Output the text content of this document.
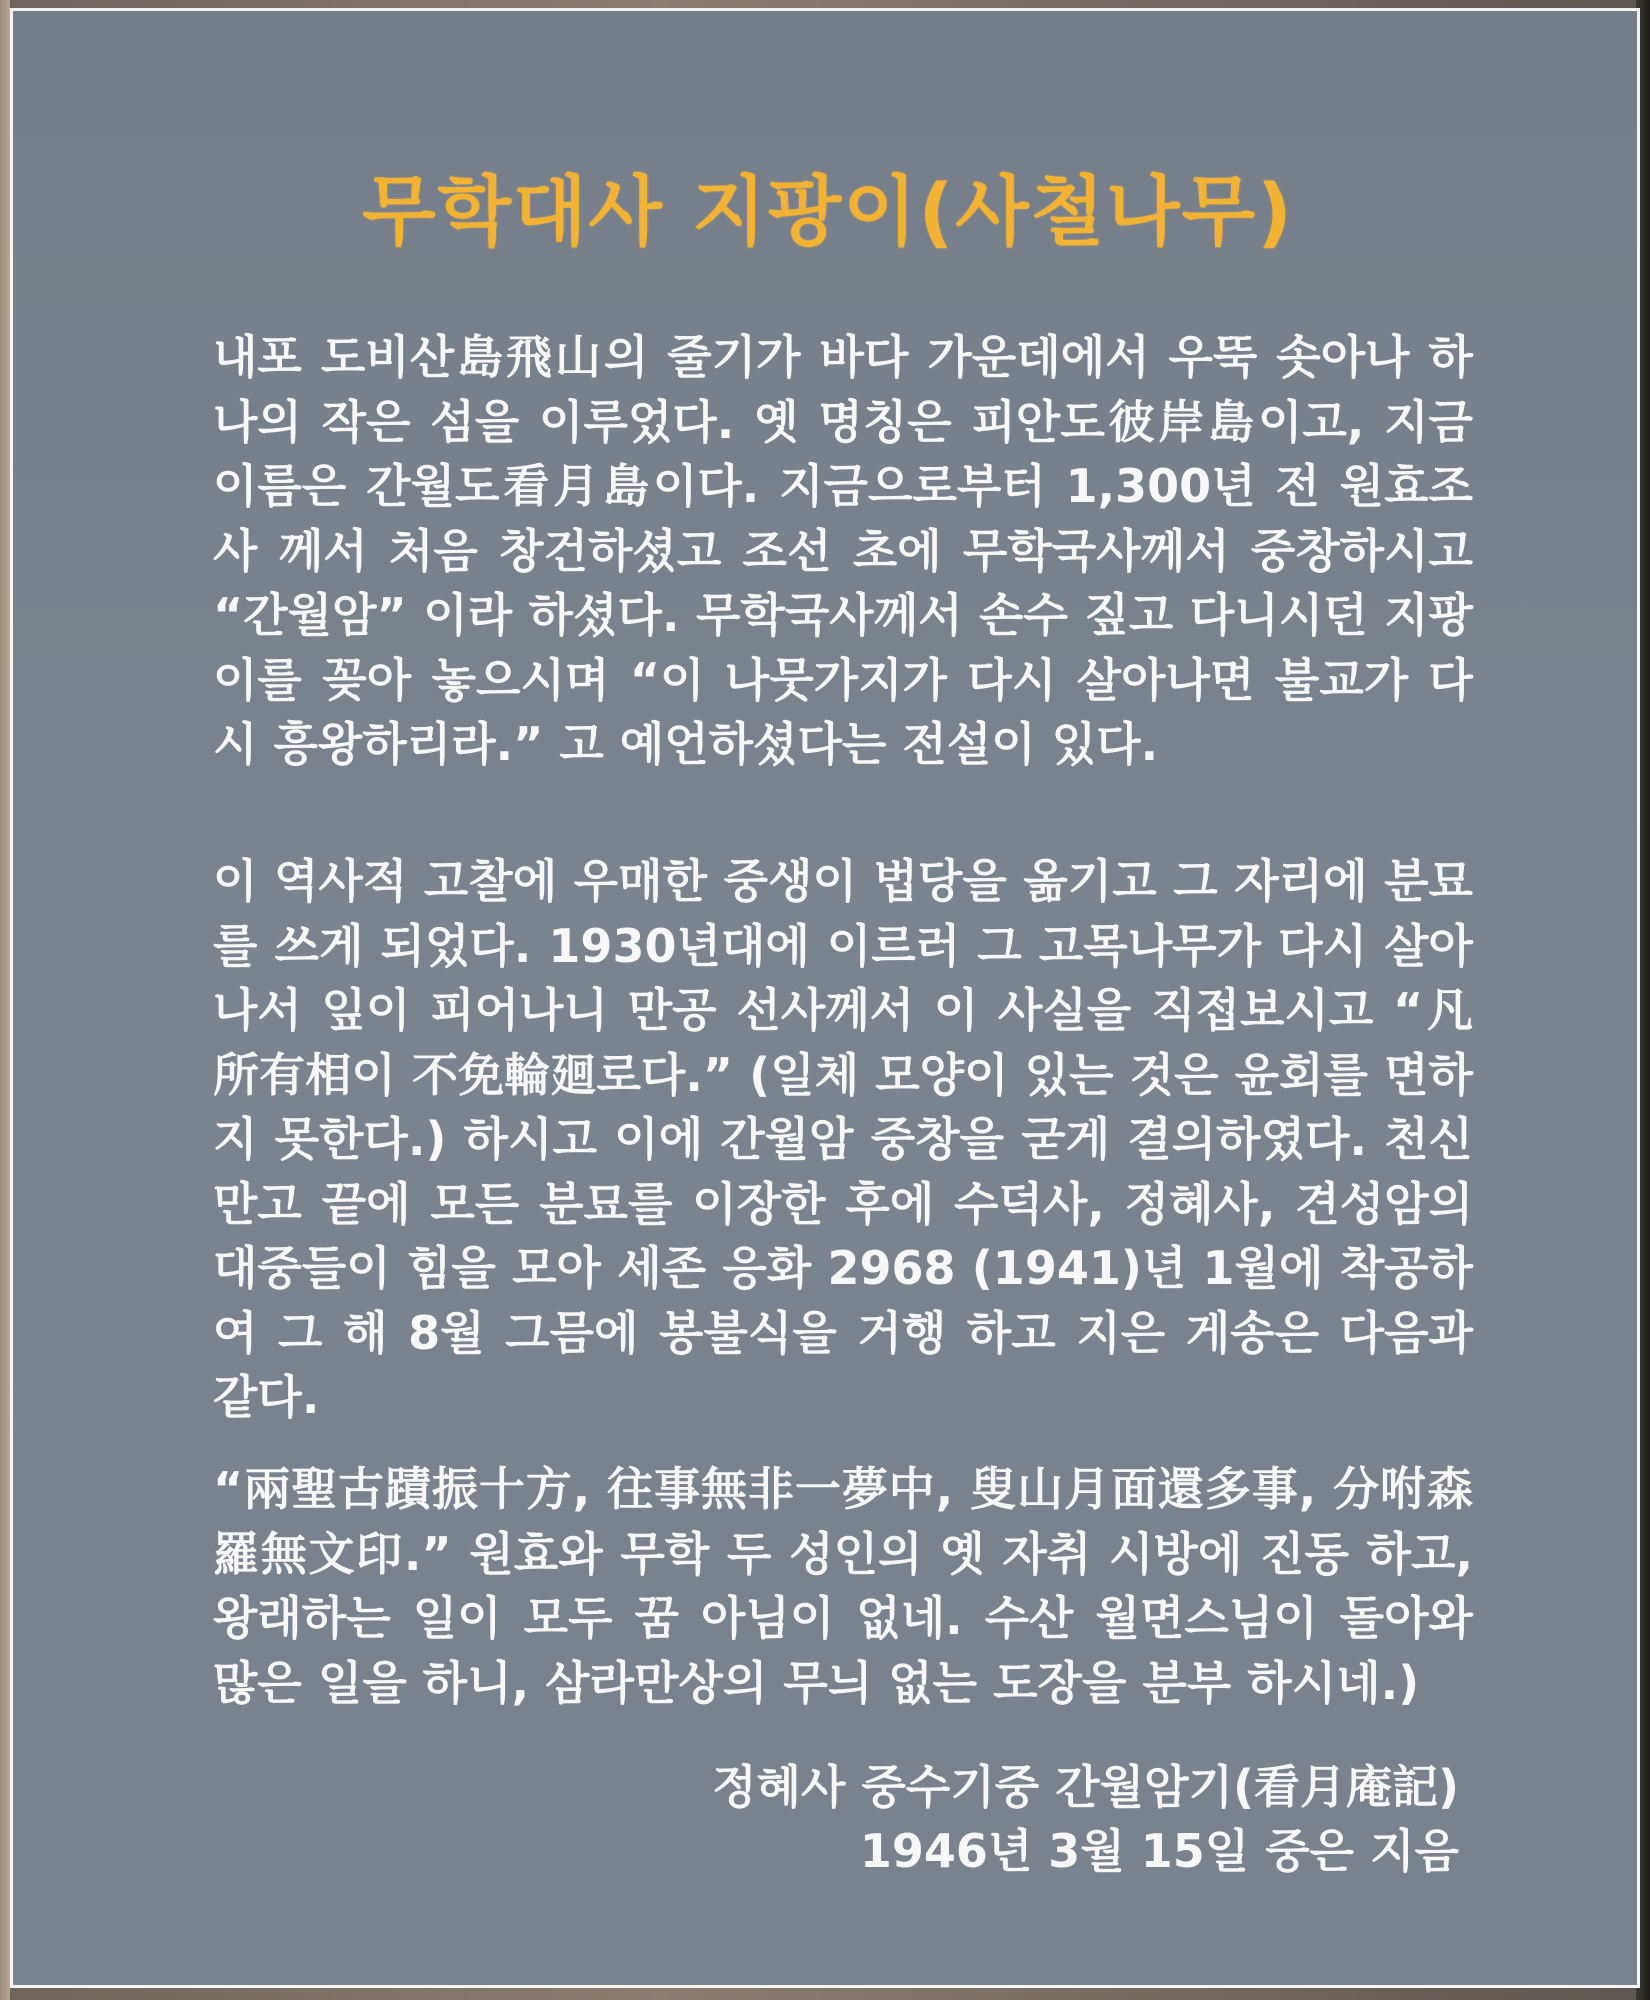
무학대사 지팡이(사철나무)
내포 도비산島飛山의 줄기가 바다 가운데에서 우뚝 솟아나 하나의 작은 섬을 이루었다. 옛 명칭은 피안도彼岸島이고, 지금 이름은 간월도看月島이다. 지금으로부터 1,300년 전 원효조사 께서 처음 창건하셨고 조선 초에 무학국사께서 중창하시고 “간월암” 이라 하셨다. 무학국사께서 손수 짚고 다니시던 지팡이를 꽂아 놓으시며 “이 나뭇가지가 다시 살아나면 불교가 다시 흥왕하리라.” 고 예언하셨다는 전설이 있다.
이 역사적 고찰에 우매한 중생이 법당을 옮기고 그 자리에 분묘를 쓰게 되었다. 1930년대에 이르러 그 고목나무가 다시 살아나서 잎이 피어나니 만공 선사께서 이 사실을 직접보시고 “凡所有相이 不免輪廻로다.” (일체 모양이 있는 것은 윤회를 면하지 못한다.) 하시고 이에 간월암 중창을 굳게 결의하였다. 천신만고 끝에 모든 분묘를 이장한 후에 수덕사, 정혜사, 견성암의 대중들이 힘을 모아 세존 응화 2968 (1941)년 1월에 착공하여 그 해 8월 그믐에 봉불식을 거행 하고 지은 게송은 다음과 같다.
“兩聖古蹟振十方, 往事無非一夢中, 叟山月面還多事, 分咐森羅無文印.” 원효와 무학 두 성인의 옛 자취 시방에 진동 하고, 왕래하는 일이 모두 꿈 아님이 없네. 수산 월면스님이 돌아와 많은 일을 하니, 삼라만상의 무늬 없는 도장을 분부 하시네.)
정혜사 중수기중 간월암기(看月庵記)
1946년 3월 15일 중은 지음
